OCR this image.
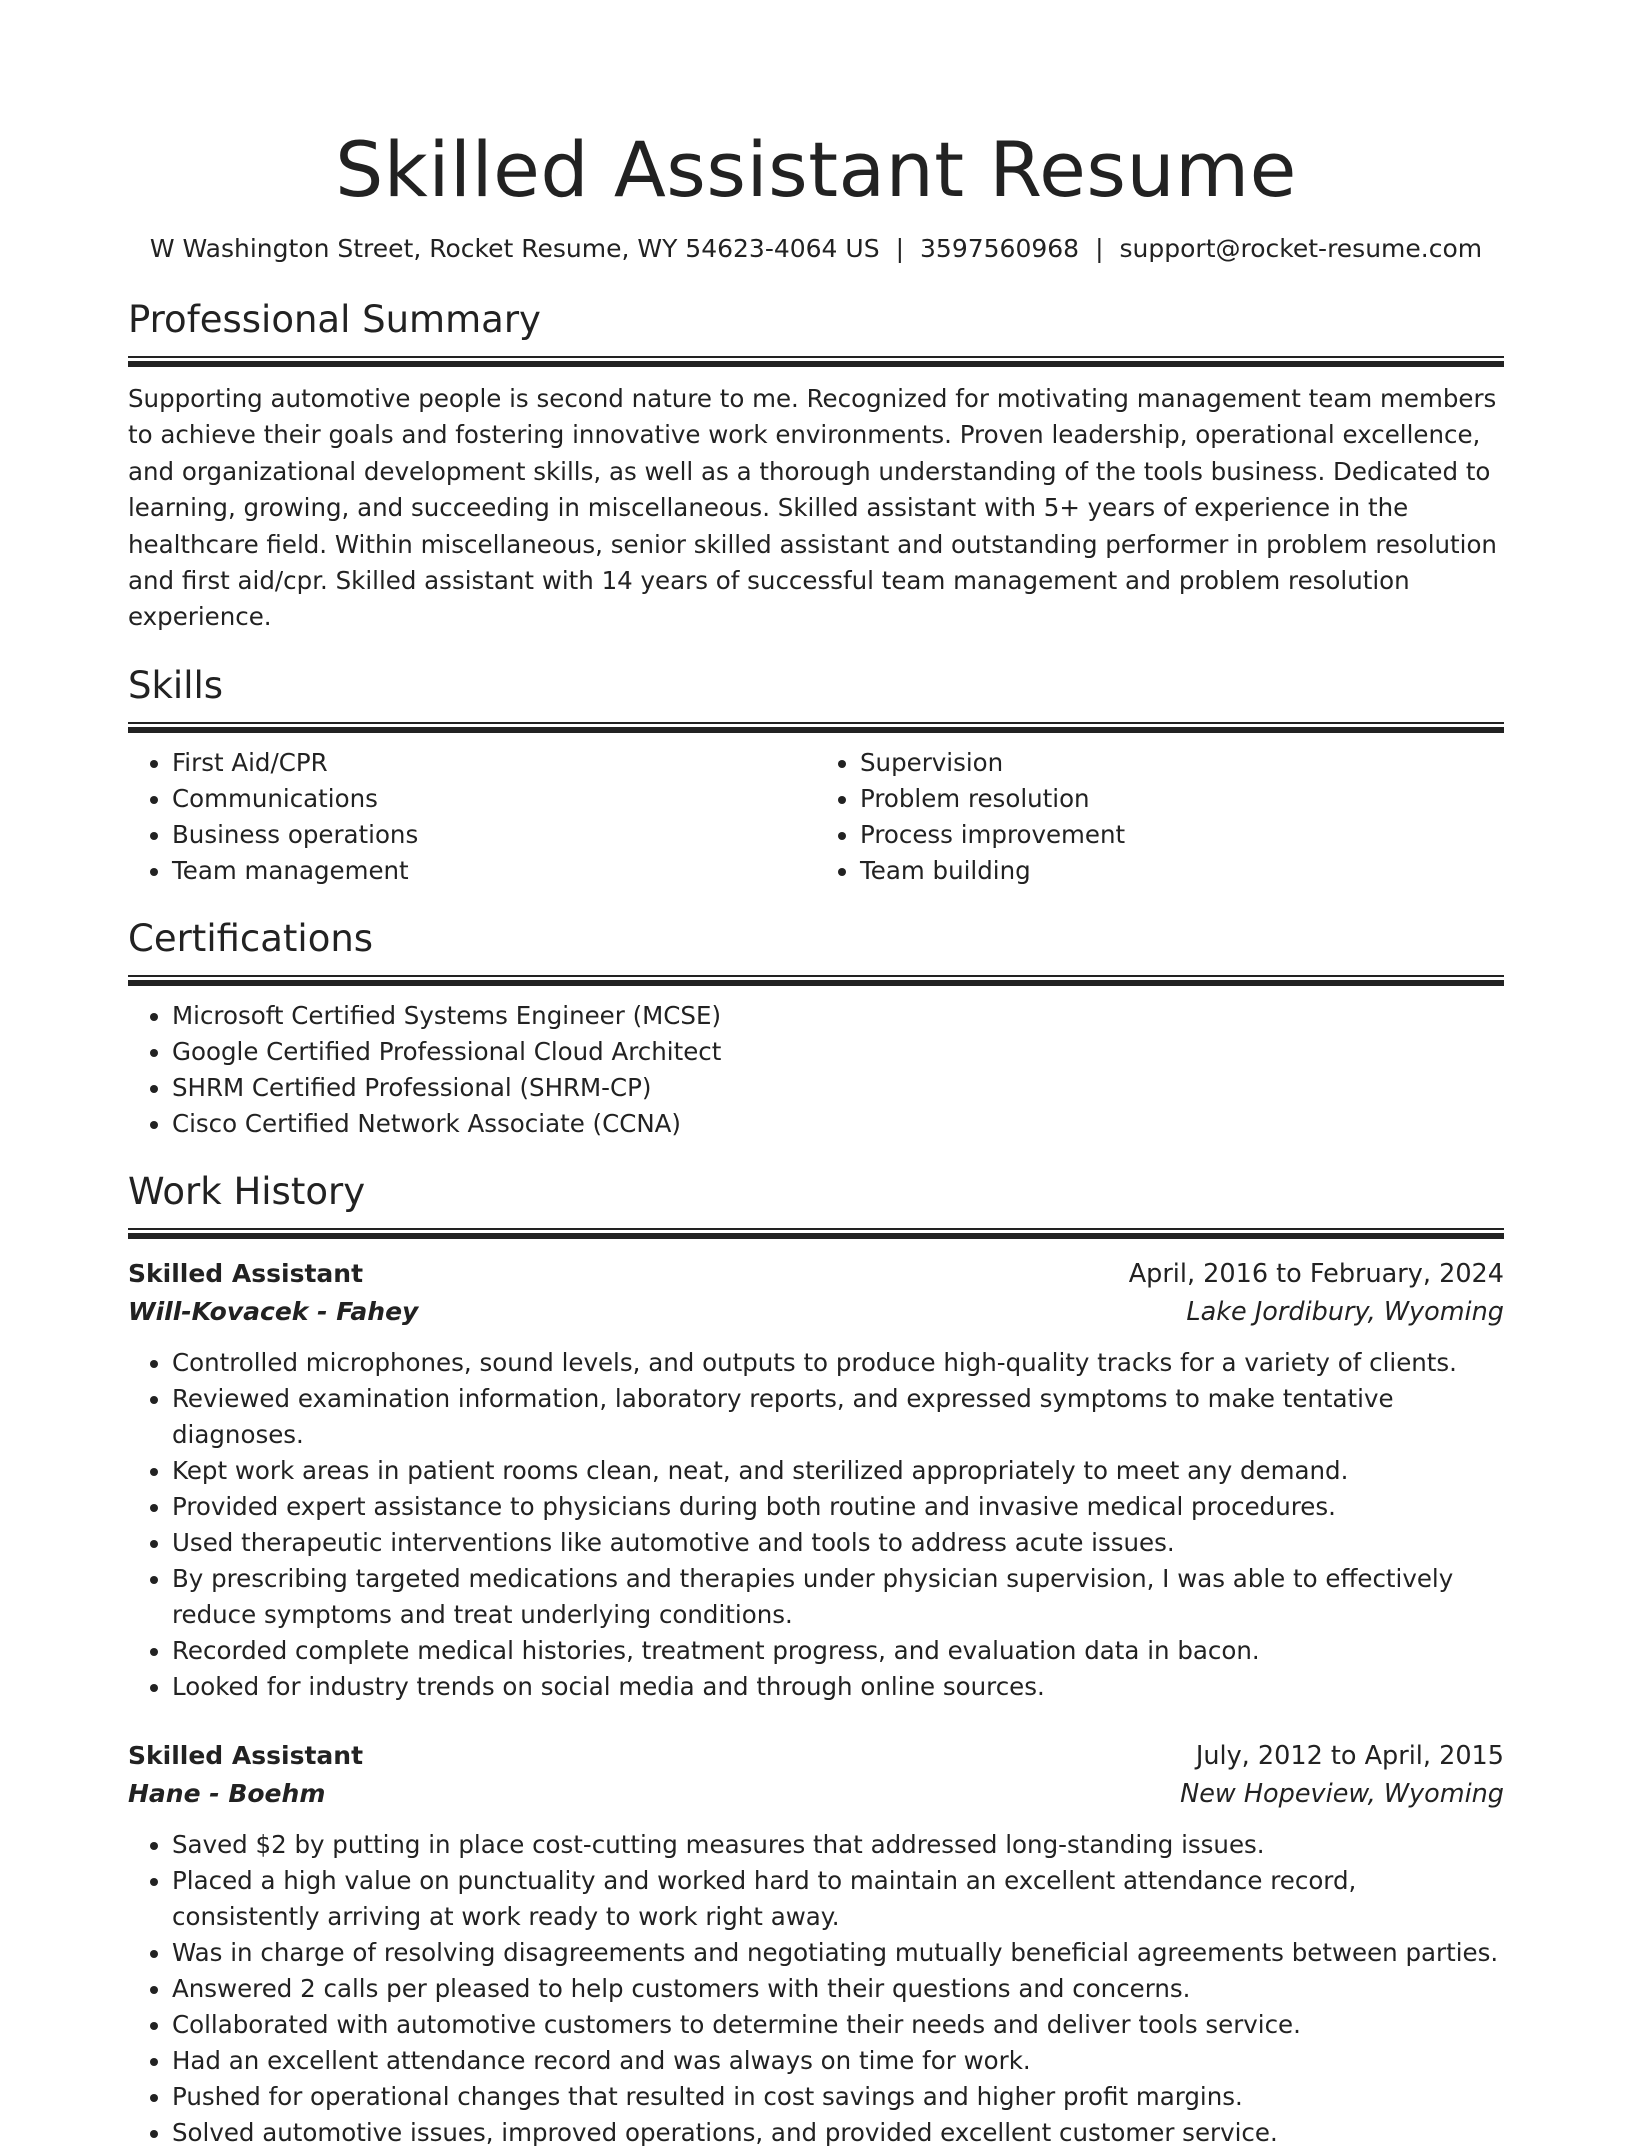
Skilled Assistant Resume
W Washington Street, Rocket Resume, WY 54623-4064 US | 3597560968 | support@rocket-resume.com
Professional Summary
Supporting automotive people is second nature to me. Recognized for motivating management team members to achieve their goals and fostering innovative work environments. Proven leadership, operational excellence, and organizational development skills, as well as a thorough understanding of the tools business. Dedicated to learning, growing, and succeeding in miscellaneous. Skilled assistant with 5+ years of experience in the healthcare field. Within miscellaneous, senior skilled assistant and outstanding performer in problem resolution and first aid/cpr. Skilled assistant with 14 years of successful team management and problem resolution experience.
Skills
• First Aid/CPR
• Communications
• Business operations
• Team management
• Supervision
• Problem resolution
• Process improvement
• Team building
Certifications
• Microsoft Certified Systems Engineer (MCSE)
• Google Certified Professional Cloud Architect
• SHRM Certified Professional (SHRM-CP)
• Cisco Certified Network Associate (CCNA)
Work History
Skilled Assistant	April, 2016 to February, 2024
Will-Kovacek - Fahey	Lake Jordibury, Wyoming
• Controlled microphones, sound levels, and outputs to produce high-quality tracks for a variety of clients.
• Reviewed examination information, laboratory reports, and expressed symptoms to make tentative diagnoses.
• Kept work areas in patient rooms clean, neat, and sterilized appropriately to meet any demand.
• Provided expert assistance to physicians during both routine and invasive medical procedures.
• Used therapeutic interventions like automotive and tools to address acute issues.
• By prescribing targeted medications and therapies under physician supervision, I was able to effectively reduce symptoms and treat underlying conditions.
• Recorded complete medical histories, treatment progress, and evaluation data in bacon.
• Looked for industry trends on social media and through online sources.
Skilled Assistant	July, 2012 to April, 2015
Hane - Boehm	New Hopeview, Wyoming
• Saved $2 by putting in place cost-cutting measures that addressed long-standing issues.
• Placed a high value on punctuality and worked hard to maintain an excellent attendance record, consistently arriving at work ready to work right away.
• Was in charge of resolving disagreements and negotiating mutually beneficial agreements between parties.
• Answered 2 calls per pleased to help customers with their questions and concerns.
• Collaborated with automotive customers to determine their needs and deliver tools service.
• Had an excellent attendance record and was always on time for work.
• Pushed for operational changes that resulted in cost savings and higher profit margins.
• Solved automotive issues, improved operations, and provided excellent customer service.
